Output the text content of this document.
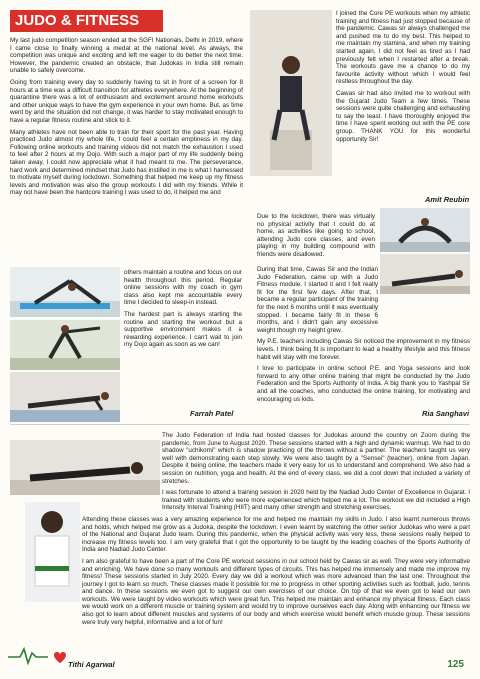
JUDO & FITNESS

My last judo competition season ended at the SGFI Nationals, Delhi in 2019, where I came close to finally winning a medal at the national level. As always, the competition was unique and exciting and left me eager to do better the next time. However, the pandemic created an obstacle, that Judokas in India still remain unable to safely overcome.

Going from training every day to suddenly having to sit in front of a screen for 8 hours at a time was a difficult transition for athletes everywhere. At the beginning of quarantine there was a lot of enthusiasm and excitement around home workouts and other unique ways to have the gym experience in your own home. But, as time went by and the situation did not change, it was harder to stay motivated enough to have a regular fitness routine and stick to it.

Many athletes have not been able to train for their sport for the past year. Having practiced Judo almost my whole life, I could feel a certain emptiness in my day. Following online workouts and training videos did not match the exhaustion I used to feel after 2 hours at my Dojo. With such a major part of my life suddenly being taken away, I could now appreciate what it had meant to me. The perseverance, hard work and determined mindset that Judo has instilled in me is what I harnessed to motivate myself during lockdown. Something that helped me keep up my fitness levels and motivation was also the group workouts I did with my friends. While it may not have been the hardcore training I was used to do, it helped me and

others maintain a routine and focus on our health throughout this period. Regular online sessions with my coach in gym class also kept me accountable every time I decided to sleep-in instead.

The hardest part is always starting the routine and starting the workout but a supportive environment makes it a rewarding experience. I can't wait to join my Dojo again as soon as we can!

Farrah Patel

I joined the Core PE workouts when my athletic training and fitness had just stopped because of the pandemic. Cawas sir always challenged me and pushed me to do my best. This helped to me maintain my stamina, and when my training started again, I did not feel as tired as I had previously felt when I restarted after a break. The workouts gave me a chance to do my favourite activity without which I would feel restless throughout the day.

Cawas sir had also invited me to workout with the Gujarat Judo Team a few times. These sessions were quite challenging and exhausting to say the least. I have thoroughly enjoyed the time I have spent working out with the PE core group. THANK YOU for this wonderful opportunity Sir!

Amit Reubin

Due to the lockdown, there was virtually no physical activity that I could do at home, as activities like going to school, attending Judo core classes, and even playing in my building compound with friends were disallowed.

During that time, Cawas Sir and the Indian Judo Federation, came up with a Judo Fitness module. I started it and I felt really fit for the first few days. After that, I became a regular participant of the training for the next 6 months until it was eventually stopped. I became fairly fit in these 6 months, and I didn't gain any excessive weight though my height grew.

My P.E. teachers including Cawas Sir noticed the improvement in my fitness levels. I think being fit is important to lead a healthy lifestyle and this fitness habit will stay with me forever.

I love to participate in online school P.E. and Yoga sessions and look forward to any other online training that might be conducted by the Judo Federation and the Sports Authority of India. A big thank you to Yashpal Sir and all the coaches, who conducted the online training, for motivating and encouraging us kids.

Ria Sanghavi

The Judo Federation of India had hosted classes for Judokas around the country on Zoom during the pandemic, from June to August 2020. These sessions started with a high and dynamic warmup. We had to do shadow "uchikomi" which is shadow practicing of the throws without a partner. The teachers taught us very well with demonstrating each step slowly. We were also taught by a "Sensei" (teacher), online from Japan. Despite it being online, the teachers made it very easy for us to understand and comprehend. We also had a session on nutrition, yoga and health. At the end of every class, we did a cool down that included a variety of stretches.

I was fortunate to attend a training session in 2020 held by the Nadiad Judo Center of Excellence in Gujarat. I trained with students who were more experienced which helped me a lot. The workout we did included a High Intensity Interval Training (HIIT) and many other strength and stretching exercises.

Attending these classes was a very amazing experience for me and helped me maintain my skills in Judo. I also learnt numerous throws and holds, which helped me grow as a Judoka, despite the lockdown. I even learnt by watching the other senior Judokas who were a part of the National and Gujarat Judo team. During this pandemic, when the physical activity was very less, these sessions really helped to increase my fitness levels too. I am very grateful that I got the opportunity to be taught by the leading coaches of the Sports Authority of India and Nadiad Judo Center.

I am also grateful to have been a part of the Core PE workout sessions in our school held by Cawas sir as well. They were very informative and enriching. We have done so many workouts and different types of circuits. This has helped me immensely and made me improve my fitness! These sessions started in July 2020. Every day we did a workout which was more advanced than the last one. Throughout the journey I got to learn so much. These classes made it possible for me to progress in other sporting activities such as football, judo, tennis and dance. In these sessions we even got to suggest our own exercises of our choice. On top of that we even got to lead our own workouts. We were taught by video workouts which were great fun. This helped me maintain and enhance my physical fitness. Each class we would work on a different muscle or training system and would try to improve ourselves each day. Along with enhancing our fitness we also got to learn about different muscles and systems of our body and which exercise would benefit which muscle group. These sessions were truly very helpful, informative and a lot of fun!

Tithi Agarwal	125
